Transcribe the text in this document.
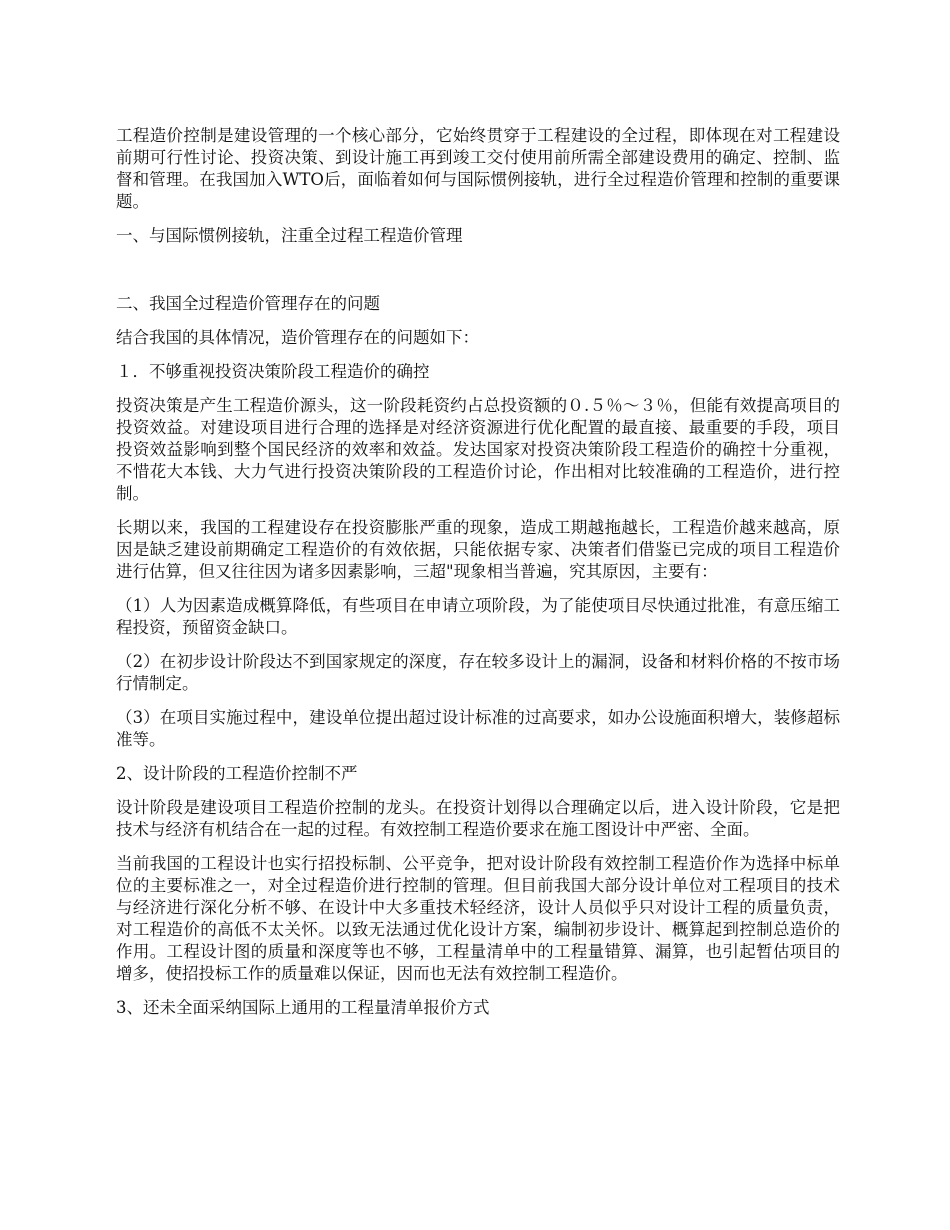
工程造价控制是建设管理的一个核心部分，它始终贯穿于工程建设的全过程，即体现在对工程建设前期可行性讨论、投资决策、到设计施工再到竣工交付使用前所需全部建设费用的确定、控制、监督和管理。在我国加入WTO后，面临着如何与国际惯例接轨，进行全过程造价管理和控制的重要课题。

一、与国际惯例接轨，注重全过程工程造价管理

二、我国全过程造价管理存在的问题

结合我国的具体情况，造价管理存在的问题如下：

１．不够重视投资决策阶段工程造价的确控

投资决策是产生工程造价源头，这一阶段耗资约占总投资额的０.５％～３％，但能有效提高项目的投资效益。对建设项目进行合理的选择是对经济资源进行优化配置的最直接、最重要的手段，项目投资效益影响到整个国民经济的效率和效益。发达国家对投资决策阶段工程造价的确控十分重视，不惜花大本钱、大力气进行投资决策阶段的工程造价讨论，作出相对比较准确的工程造价，进行控制。

长期以来，我国的工程建设存在投资膨胀严重的现象，造成工期越拖越长，工程造价越来越高，原因是缺乏建设前期确定工程造价的有效依据，只能依据专家、决策者们借鉴已完成的项目工程造价进行估算，但又往往因为诸多因素影响，三超"现象相当普遍，究其原因，主要有：

（1）人为因素造成概算降低，有些项目在申请立项阶段，为了能使项目尽快通过批准，有意压缩工程投资，预留资金缺口。

（2）在初步设计阶段达不到国家规定的深度，存在较多设计上的漏洞，设备和材料价格的不按市场行情制定。

（3）在项目实施过程中，建设单位提出超过设计标准的过高要求，如办公设施面积增大，装修超标准等。

2、设计阶段的工程造价控制不严

设计阶段是建设项目工程造价控制的龙头。在投资计划得以合理确定以后，进入设计阶段，它是把技术与经济有机结合在一起的过程。有效控制工程造价要求在施工图设计中严密、全面。

当前我国的工程设计也实行招投标制、公平竞争，把对设计阶段有效控制工程造价作为选择中标单位的主要标准之一，对全过程造价进行控制的管理。但目前我国大部分设计单位对工程项目的技术与经济进行深化分析不够、在设计中大多重技术轻经济，设计人员似乎只对设计工程的质量负责，对工程造价的高低不太关怀。以致无法通过优化设计方案，编制初步设计、概算起到控制总造价的作用。工程设计图的质量和深度等也不够，工程量清单中的工程量错算、漏算，也引起暂估项目的增多，使招投标工作的质量难以保证，因而也无法有效控制工程造价。

3、还未全面采纳国际上通用的工程量清单报价方式
